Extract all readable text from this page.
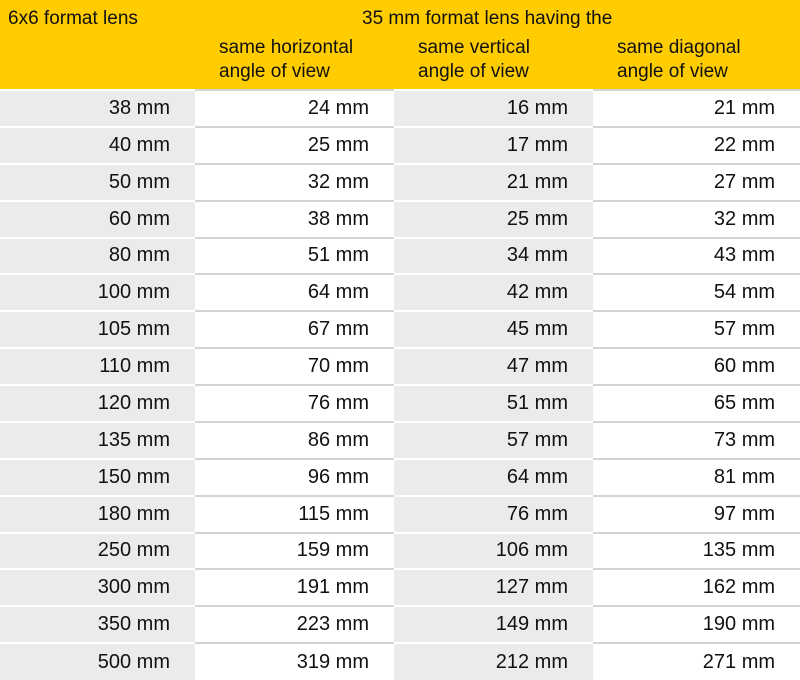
6x6 format lens	35 mm format lens having the		

	same horizontal
angle of view	same vertical
angle of view	same diagonal
angle of view

38 mm	24 mm	16 mm	21 mm
40 mm	25 mm	17 mm	22 mm
50 mm	32 mm	21 mm	27 mm
60 mm	38 mm	25 mm	32 mm
80 mm	51 mm	34 mm	43 mm
100 mm	64 mm	42 mm	54 mm
105 mm	67 mm	45 mm	57 mm
110 mm	70 mm	47 mm	60 mm
120 mm	76 mm	51 mm	65 mm
135 mm	86 mm	57 mm	73 mm
150 mm	96 mm	64 mm	81 mm
180 mm	115 mm	76 mm	97 mm
250 mm	159 mm	106 mm	135 mm
300 mm	191 mm	127 mm	162 mm
350 mm	223 mm	149 mm	190 mm
500 mm	319 mm	212 mm	271 mm
